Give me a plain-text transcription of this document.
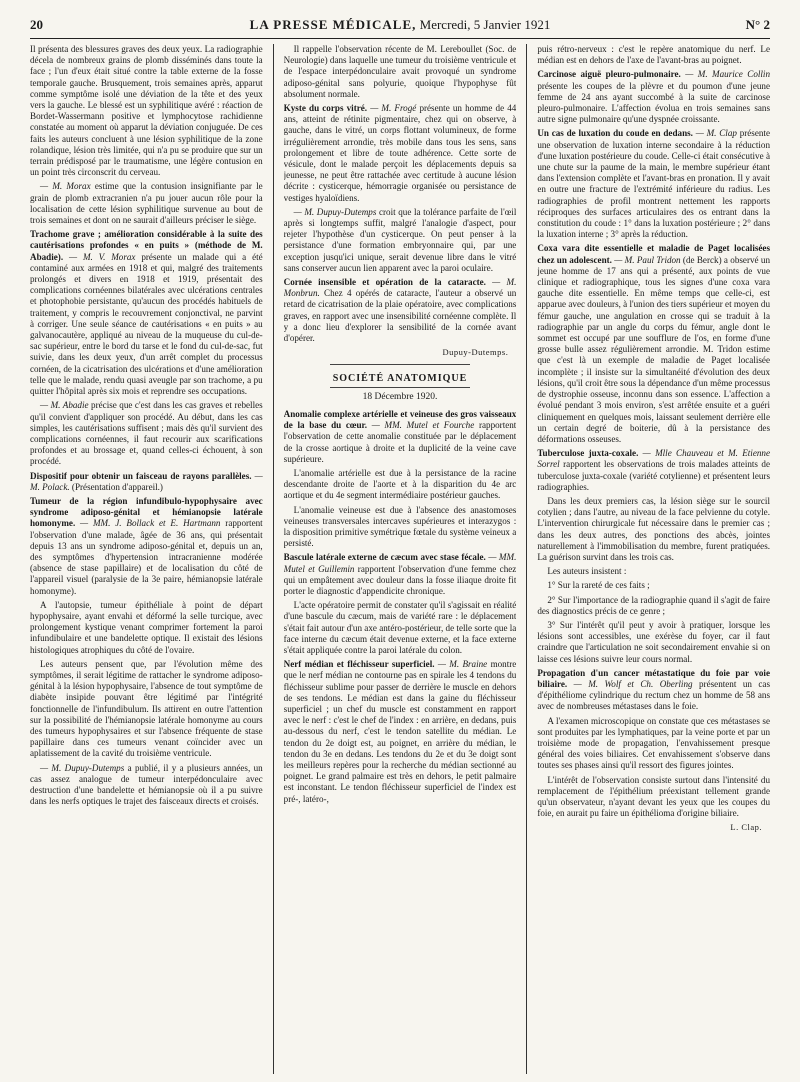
20	LA PRESSE MÉDICALE, Mercredi, 5 Janvier 1921	N° 2

Il présenta des blessures graves des deux yeux. La radiographie décela de nombreux grains de plomb disséminés dans toute la face ; l'un d'eux était situé contre la table externe de la fosse temporale gauche. Brusquement, trois semaines après, apparut comme symptôme isolé une déviation de la tête et des yeux vers la gauche. Le blessé est un syphilitique avéré : réaction de Bordet-Wassermann positive et lymphocytose rachidienne constatée au moment où apparut la déviation conjuguée. De ces faits les auteurs concluent à une lésion syphilitique de la zone rolandique, lésion très limitée, qui n'a pu se produire que sur un terrain prédisposé par le traumatisme, une légère contusion en un point très circonscrit du cerveau.

— M. Morax estime que la contusion insignifiante par le grain de plomb extracranien n'a pu jouer aucun rôle pour la localisation de cette lésion syphilitique survenue au bout de trois semaines et dont on ne saurait d'ailleurs préciser le siège.

Trachome grave ; amélioration considérable à la suite des cautérisations profondes « en puits » (méthode de M. Abadie). — M. V. Morax présente un malade qui a été contaminé aux armées en 1918 et qui, malgré des traitements prolongés et divers en 1918 et 1919, présentait des complications cornéennes bilatérales avec ulcérations centrales et photophobie persistante, qu'aucun des procédés habituels de traitement, y compris le recouvrement conjonctival, ne parvint à corriger. Une seule séance de cautérisations « en puits » au galvanocautère, appliqué au niveau de la muqueuse du cul-de-sac supérieur, entre le bord du tarse et le fond du cul-de-sac, fut suivie, dans les deux yeux, d'un arrêt complet du processus cornéen, de la cicatrisation des ulcérations et d'une amélioration telle que le malade, rendu quasi aveugle par son trachome, a pu quitter l'hôpital après six mois et reprendre ses occupations.

— M. Abadie précise que c'est dans les cas graves et rebelles qu'il convient d'appliquer son procédé. Au début, dans les cas simples, les cautérisations suffisent ; mais dès qu'il survient des complications cornéennes, il faut recourir aux scarifications profondes et au brossage et, quand celles-ci échouent, à son procédé.

Dispositif pour obtenir un faisceau de rayons parallèles. — M. Polack. (Présentation d'appareil.)

Tumeur de la région infundibulo-hypophysaire avec syndrome adiposo-génital et hémianopsie latérale homonyme. — MM. J. Bollack et E. Hartmann rapportent l'observation d'une malade, âgée de 36 ans, qui présentait depuis 13 ans un syndrome adiposo-génital et, depuis un an, des symptômes d'hypertension intracranienne modérée (absence de stase papillaire) et de localisation du côté de l'appareil visuel (paralysie de la 3e paire, hémianopsie latérale homonyme).

A l'autopsie, tumeur épithéliale à point de départ hypophysaire, ayant envahi et déformé la selle turcique, avec prolongement kystique venant comprimer fortement la paroi infundibulaire et une bandelette optique. Il existait des lésions histologiques atrophiques du côté de l'ovaire.

Les auteurs pensent que, par l'évolution même des symptômes, il serait légitime de rattacher le syndrome adiposo-génital à la lésion hypophysaire, l'absence de tout symptôme de diabète insipide pouvant être légitimé par l'intégrité fonctionnelle de l'infundibulum. Ils attirent en outre l'attention sur la possibilité de l'hémianopsie latérale homonyme au cours des tumeurs hypophysaires et sur l'absence fréquente de stase papillaire dans ces tumeurs venant coïncider avec un aplatissement de la cavité du troisième ventricule.

— M. Dupuy-Dutemps a publié, il y a plusieurs années, un cas assez analogue de tumeur interpédonculaire avec destruction d'une bandelette et hémianopsie où il a pu suivre dans les nerfs optiques le trajet des faisceaux directs et croisés.

Il rappelle l'observation récente de M. Lereboullet (Soc. de Neurologie) dans laquelle une tumeur du troisième ventricule et de l'espace interpédonculaire avait provoqué un syndrome adiposo-génital sans polyurie, quoique l'hypophyse fût absolument normale.

Kyste du corps vitré. — M. Frogé présente un homme de 44 ans, atteint de rétinite pigmentaire, chez qui on observe, à gauche, dans le vitré, un corps flottant volumineux, de forme irrégulièrement arrondie, très mobile dans tous les sens, sans prolongement et libre de toute adhérence. Cette sorte de vésicule, dont le malade perçoit les déplacements depuis sa jeunesse, ne peut être rattachée avec certitude à aucune lésion décrite : cysticerque, hémorragie organisée ou persistance de vestiges hyaloïdiens.

— M. Dupuy-Dutemps croit que la tolérance parfaite de l'œil après si longtemps suffit, malgré l'analogie d'aspect, pour rejeter l'hypothèse d'un cysticerque. On peut penser à la persistance d'une formation embryonnaire qui, par une exception jusqu'ici unique, serait devenue libre dans le vitré sans conserver aucun lien apparent avec la paroi oculaire.

Cornée insensible et opération de la cataracte. — M. Monbrun. Chez 4 opérés de cataracte, l'auteur a observé un retard de cicatrisation de la plaie opératoire, avec complications graves, en rapport avec une insensibilité cornéenne complète. Il y a donc lieu d'explorer la sensibilité de la cornée avant d'opérer.

Dupuy-Dutemps.
SOCIÉTÉ ANATOMIQUE
18 Décembre 1920.

Anomalie complexe artérielle et veineuse des gros vaisseaux de la base du cœur. — MM. Mutel et Fourche rapportent l'observation de cette anomalie constituée par le déplacement de la crosse aortique à droite et la duplicité de la veine cave supérieure.

L'anomalie artérielle est due à la persistance de la racine descendante droite de l'aorte et à la disparition du 4e arc aortique et du 4e segment intermédiaire postérieur gauches.

L'anomalie veineuse est due à l'absence des anastomoses veineuses transversales intercaves supérieures et interazygos : la disposition primitive symétrique fœtale du système veineux a persisté.

Bascule latérale externe de cæcum avec stase fécale. — MM. Mutel et Guillemin rapportent l'observation d'une femme chez qui un empâtement avec douleur dans la fosse iliaque droite fit porter le diagnostic d'appendicite chronique.

L'acte opératoire permit de constater qu'il s'agissait en réalité d'une bascule du cæcum, mais de variété rare : le déplacement s'était fait autour d'un axe antéro-postérieur, de telle sorte que la face interne du cæcum était devenue externe, et la face externe s'était appliquée contre la paroi latérale du colon.

Nerf médian et fléchisseur superficiel. — M. Braine montre que le nerf médian ne contourne pas en spirale les 4 tendons du fléchisseur sublime pour passer de derrière le muscle en dehors de ses tendons. Le médian est dans la gaine du fléchisseur superficiel ; un chef du muscle est constamment en rapport avec le nerf : c'est le chef de l'index : en arrière, en dedans, puis au-dessous du nerf, c'est le tendon satellite du médian. Le tendon du 2e doigt est, au poignet, en arrière du médian, le tendon du 3e en dedans. Les tendons du 2e et du 3e doigt sont les meilleurs repères pour la recherche du médian sectionné au poignet. Le grand palmaire est très en dehors, le petit palmaire est inconstant. Le tendon fléchisseur superficiel de l'index est pré-, latéro-,

puis rétro-nerveux : c'est le repère anatomique du nerf. Le médian est en dehors de l'axe de l'avant-bras au poignet.

Carcinose aiguë pleuro-pulmonaire. — M. Maurice Collin présente les coupes de la plèvre et du poumon d'une jeune femme de 24 ans ayant succombé à la suite de carcinose pleuro-pulmonaire. L'affection évolua en trois semaines sans autre signe pulmonaire qu'une dyspnée croissante.

Un cas de luxation du coude en dedans. — M. Clap présente une observation de luxation interne secondaire à la réduction d'une luxation postérieure du coude. Celle-ci était consécutive à une chute sur la paume de la main, le membre supérieur étant dans l'extension complète et l'avant-bras en pronation. Il y avait en outre une fracture de l'extrémité inférieure du radius. Les radiographies de profil montrent nettement les rapports réciproques des surfaces articulaires des os entrant dans la constitution du coude : 1° dans la luxation postérieure ; 2° dans la luxation interne ; 3° après la réduction.

Coxa vara dite essentielle et maladie de Paget localisées chez un adolescent. — M. Paul Tridon (de Berck) a observé un jeune homme de 17 ans qui a présenté, aux points de vue clinique et radiographique, tous les signes d'une coxa vara gauche dite essentielle. En même temps que celle-ci, est apparue avec douleurs, à l'union des tiers supérieur et moyen du fémur gauche, une angulation en crosse qui se traduit à la radiographie par un angle du corps du fémur, angle dont le sommet est occupé par une soufflure de l'os, en forme d'une grosse bulle assez régulièrement arrondie. M. Tridon estime que c'est là un exemple de maladie de Paget localisée incomplète ; il insiste sur la simultanéité d'évolution des deux lésions, qu'il croit être sous la dépendance d'un même processus de dystrophie osseuse, inconnu dans son essence. L'affection a évolué pendant 3 mois environ, s'est arrêtée ensuite et a guéri cliniquement en quelques mois, laissant seulement derrière elle un certain degré de boiterie, dû à la persistance des déformations osseuses.

Tuberculose juxta-coxale. — Mlle Chauveau et M. Etienne Sorrel rapportent les observations de trois malades atteints de tuberculose juxta-coxale (variété cotylienne) et présentent leurs radiographies.

Dans les deux premiers cas, la lésion siège sur le sourcil cotylien ; dans l'autre, au niveau de la face pelvienne du cotyle. L'intervention chirurgicale fut nécessaire dans le premier cas ; dans les deux autres, des ponctions des abcès, jointes naturellement à l'immobilisation du membre, furent pratiquées. La guérison survint dans les trois cas.

Les auteurs insistent :

1° Sur la rareté de ces faits ;

2° Sur l'importance de la radiographie quand il s'agit de faire des diagnostics précis de ce genre ;

3° Sur l'intérêt qu'il peut y avoir à pratiquer, lorsque les lésions sont accessibles, une exérèse du foyer, car il faut craindre que l'articulation ne soit secondairement envahie si on laisse ces lésions suivre leur cours normal.

Propagation d'un cancer métastatique du foie par voie biliaire. — M. Wolf et Ch. Oberling présentent un cas d'épithéliome cylindrique du rectum chez un homme de 58 ans avec de nombreuses métastases dans le foie.

A l'examen microscopique on constate que ces métastases se sont produites par les lymphatiques, par la veine porte et par un troisième mode de propagation, l'envahissement presque général des voies biliaires. Cet envahissement s'observe dans toutes ses phases ainsi qu'il ressort des figures jointes.

L'intérêt de l'observation consiste surtout dans l'intensité du remplacement de l'épithélium préexistant tellement grande qu'un observateur, n'ayant devant les yeux que les coupes du foie, en aurait pu faire un épithélioma d'origine biliaire.

L. Clap.
